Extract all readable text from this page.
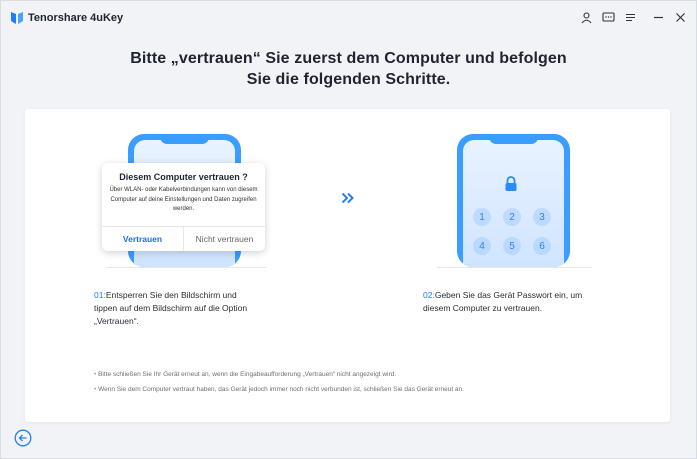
Tenorshare 4uKey
Bitte „vertrauen“ Sie zuerst dem Computer und befolgen
Sie die folgenden Schritte.
Diesem Computer vertrauen ?
Über WLAN- oder Kabelverbindungen kann von diesem Computer auf deine Einstellungen und Daten zugreifen werden.
Vertrauen	Nicht vertrauen
1	2	3
4	5	6
01:Entsperren Sie den Bildschirm und
tippen auf dem Bildschirm auf die Option
„Vertrauen“.
02:Geben Sie das Gerät Passwort ein, um
diesem Computer zu vertrauen.
• Bitte schließen Sie Ihr Gerät erneut an, wenn die Eingabeaufforderung „Vertrauen“ nicht angezeigt wird.
• Wenn Sie dem Computer vertraut haben, das Gerät jedoch immer noch nicht verbunden ist, schließen Sie das Gerät erneut an.
